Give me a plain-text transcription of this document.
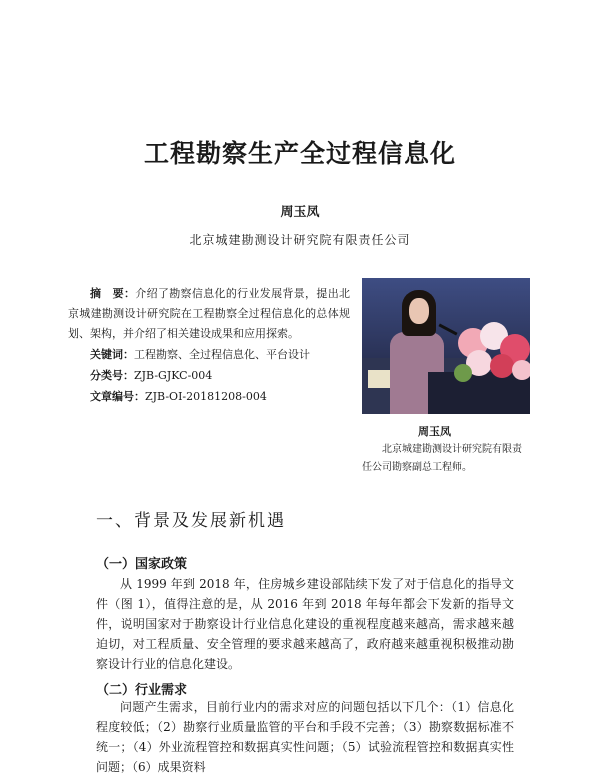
工程勘察生产全过程信息化
周玉凤
北京城建勘测设计研究院有限责任公司
摘　要：介绍了勘察信息化的行业发展背景，提出北京城建勘测设计研究院在工程勘察全过程信息化的总体规划、架构，并介绍了相关建设成果和应用探索。
关键词：工程勘察、全过程信息化、平台设计
分类号：ZJB-GJKC-004
文章编号：ZJB-OI-20181208-004
周玉凤
北京城建勘测设计研究院有限责任公司勘察副总工程师。
一、背景及发展新机遇
（一）国家政策

从 1999 年到 2018 年，住房城乡建设部陆续下发了对于信息化的指导文件（图 1），值得注意的是，从 2016 年到 2018 年每年都会下发新的指导文件，说明国家对于勘察设计行业信息化建设的重视程度越来越高，需求越来越迫切，对工程质量、安全管理的要求越来越高了，政府越来越重视积极推动勘察设计行业的信息化建设。

（二）行业需求

问题产生需求，目前行业内的需求对应的问题包括以下几个：（1）信息化程度较低；（2）勘察行业质量监管的平台和手段不完善；（3）勘察数据标准不统一；（4）外业流程管控和数据真实性问题；（5）试验流程管控和数据真实性问题；（6）成果资料
